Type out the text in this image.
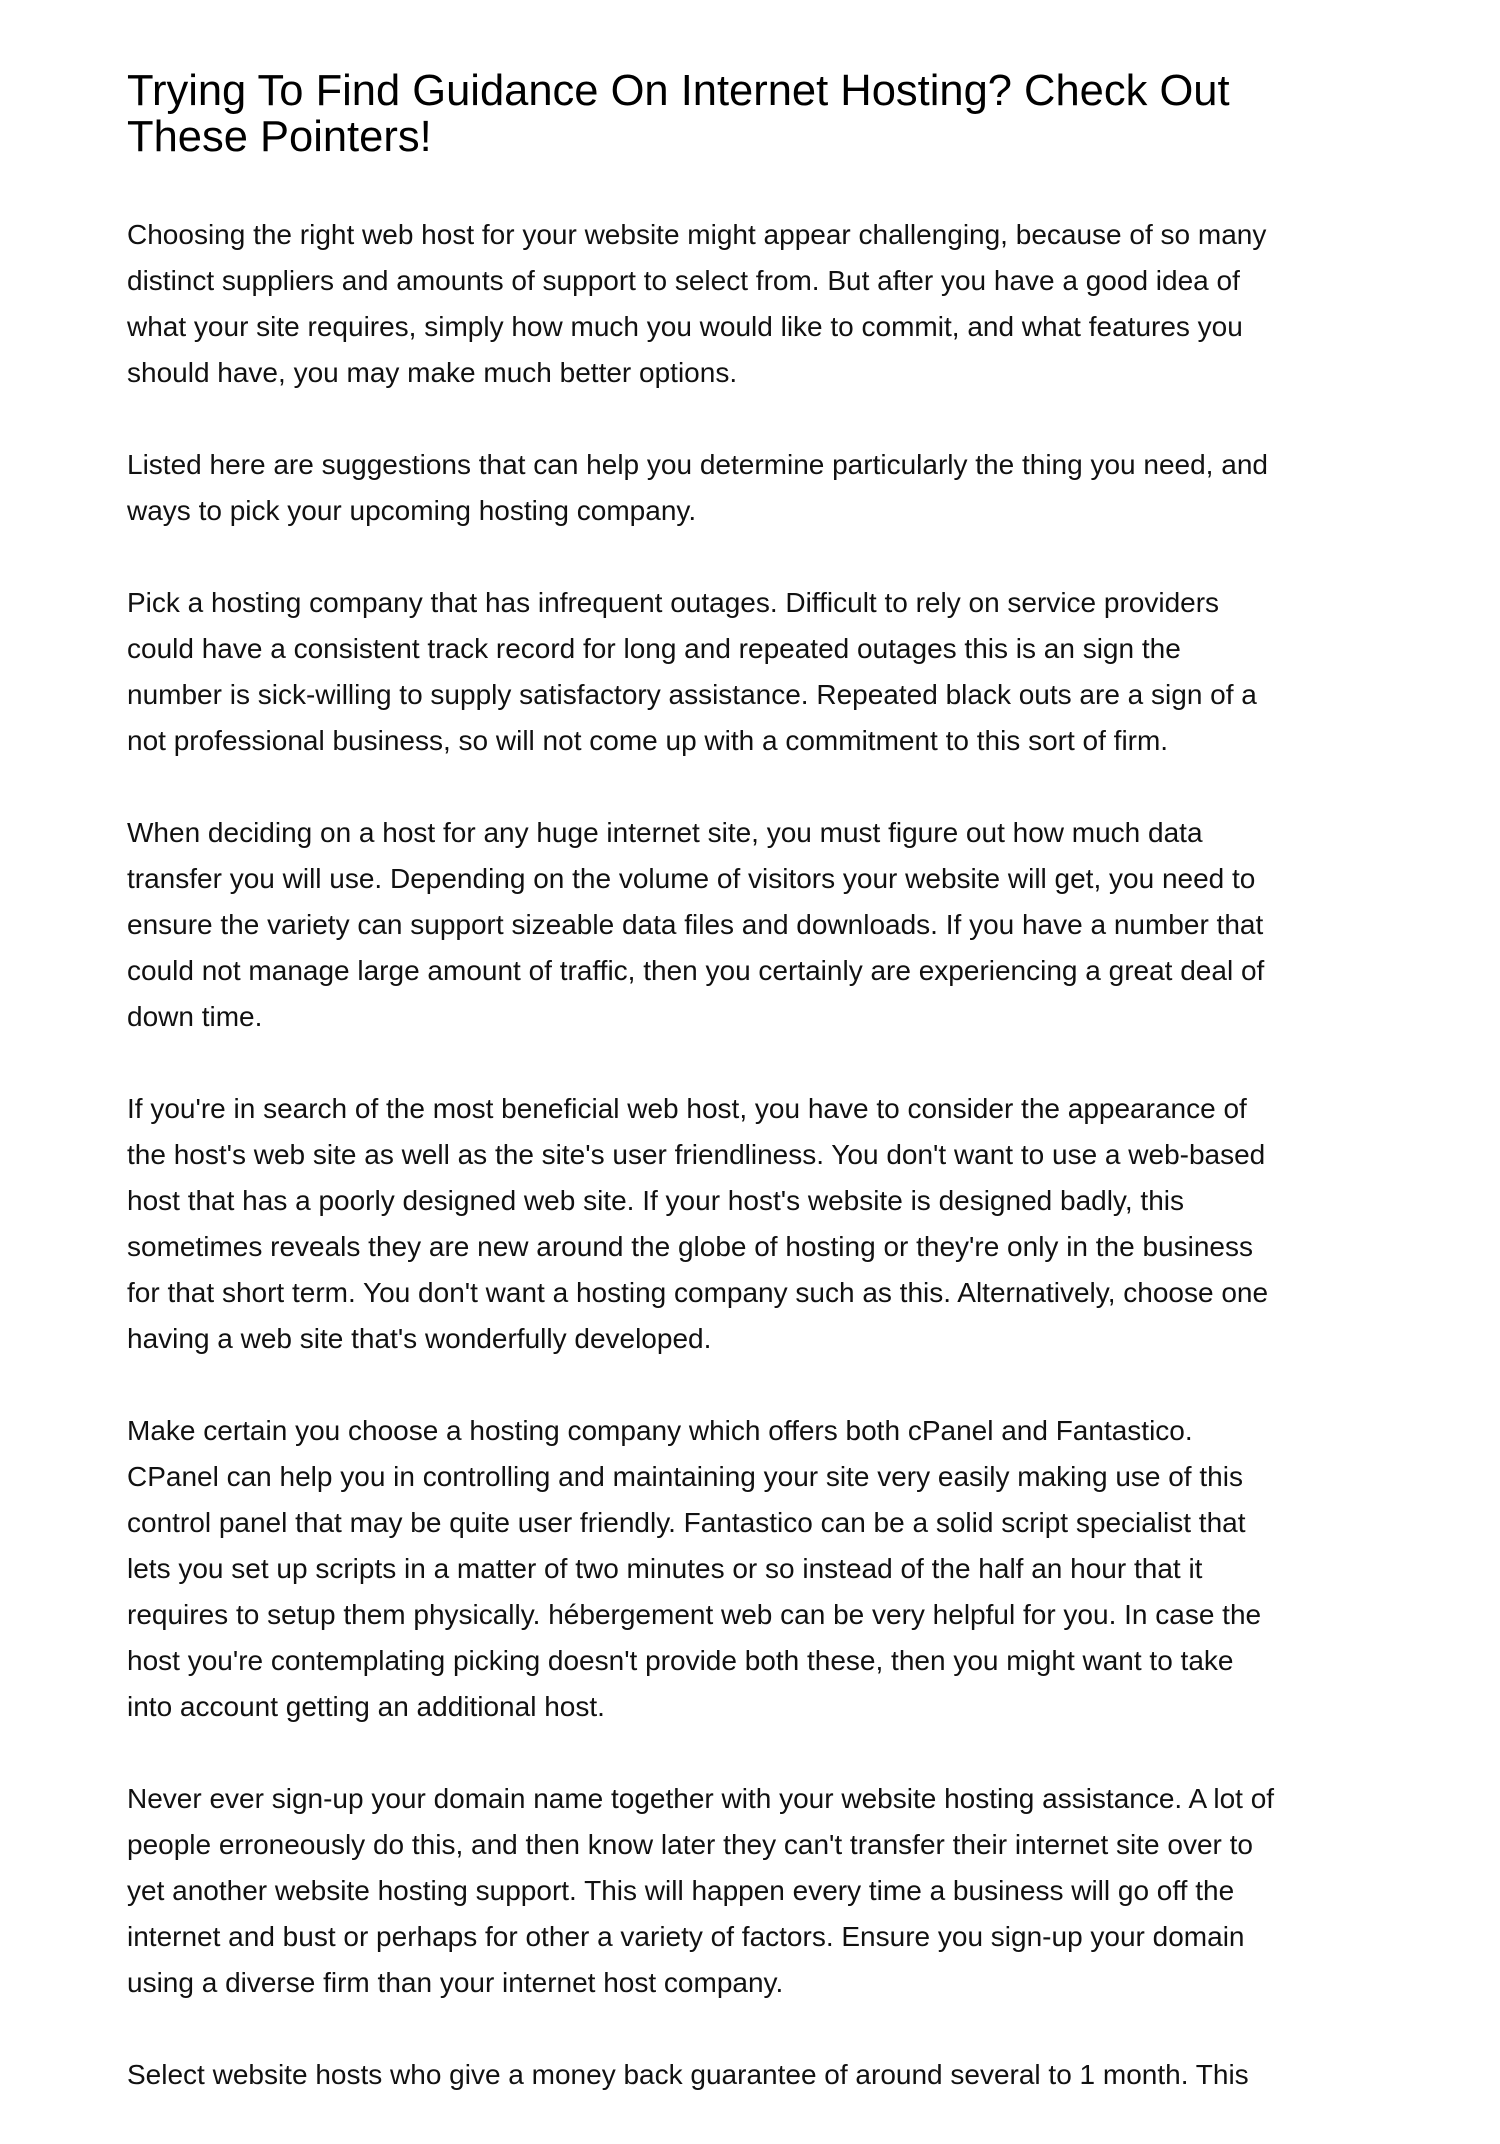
Trying To Find Guidance On Internet Hosting? Check Out
These Pointers!

Choosing the right web host for your website might appear challenging, because of so many
distinct suppliers and amounts of support to select from. But after you have a good idea of
what your site requires, simply how much you would like to commit, and what features you
should have, you may make much better options.

Listed here are suggestions that can help you determine particularly the thing you need, and
ways to pick your upcoming hosting company.

Pick a hosting company that has infrequent outages. Difficult to rely on service providers
could have a consistent track record for long and repeated outages this is an sign the
number is sick-willing to supply satisfactory assistance. Repeated black outs are a sign of a
not professional business, so will not come up with a commitment to this sort of firm.

When deciding on a host for any huge internet site, you must figure out how much data
transfer you will use. Depending on the volume of visitors your website will get, you need to
ensure the variety can support sizeable data files and downloads. If you have a number that
could not manage large amount of traffic, then you certainly are experiencing a great deal of
down time.

If you're in search of the most beneficial web host, you have to consider the appearance of
the host's web site as well as the site's user friendliness. You don't want to use a web-based
host that has a poorly designed web site. If your host's website is designed badly, this
sometimes reveals they are new around the globe of hosting or they're only in the business
for that short term. You don't want a hosting company such as this. Alternatively, choose one
having a web site that's wonderfully developed.

Make certain you choose a hosting company which offers both cPanel and Fantastico.
CPanel can help you in controlling and maintaining your site very easily making use of this
control panel that may be quite user friendly. Fantastico can be a solid script specialist that
lets you set up scripts in a matter of two minutes or so instead of the half an hour that it
requires to setup them physically. hébergement web can be very helpful for you. In case the
host you're contemplating picking doesn't provide both these, then you might want to take
into account getting an additional host.

Never ever sign-up your domain name together with your website hosting assistance. A lot of
people erroneously do this, and then know later they can't transfer their internet site over to
yet another website hosting support. This will happen every time a business will go off the
internet and bust or perhaps for other a variety of factors. Ensure you sign-up your domain
using a diverse firm than your internet host company.

Select website hosts who give a money back guarantee of around several to 1 month. This
